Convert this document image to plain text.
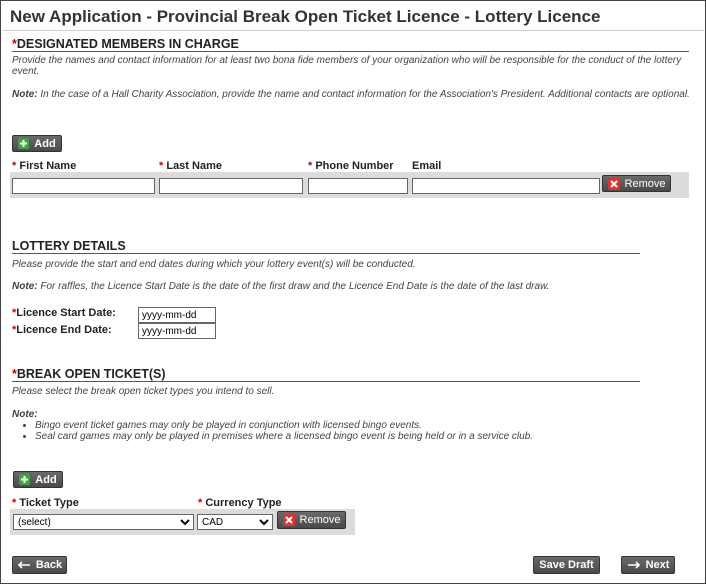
New Application - Provincial Break Open Ticket Licence - Lottery Licence
*DESIGNATED MEMBERS IN CHARGE
Provide the names and contact information for at least two bona fide members of your organization who will be responsible for the conduct of the lottery event.
Note: In the case of a Hall Charity Association, provide the name and contact information for the Association's President. Additional contacts are optional.
Add
* First Name	* Last Name	* Phone Number Email
Remove
LOTTERY DETAILS
Please provide the start and end dates during which your lottery event(s) will be conducted.
Note: For raffles, the Licence Start Date is the date of the first draw and the Licence End Date is the date of the last draw.
*Licence Start Date:
yyyy-mm-dd
*Licence End Date:
yyyy-mm-dd
*BREAK OPEN TICKET(S)
Please select the break open ticket types you intend to sell.
Note:
• Bingo event ticket games may only be played in conjunction with licensed bingo events.
• Seal card games may only be played in premises where a licensed bingo event is being held or in a service club.
Add
* Ticket Type	* Currency Type
(select)
CAD
Remove
Back	Save Draft	Next
